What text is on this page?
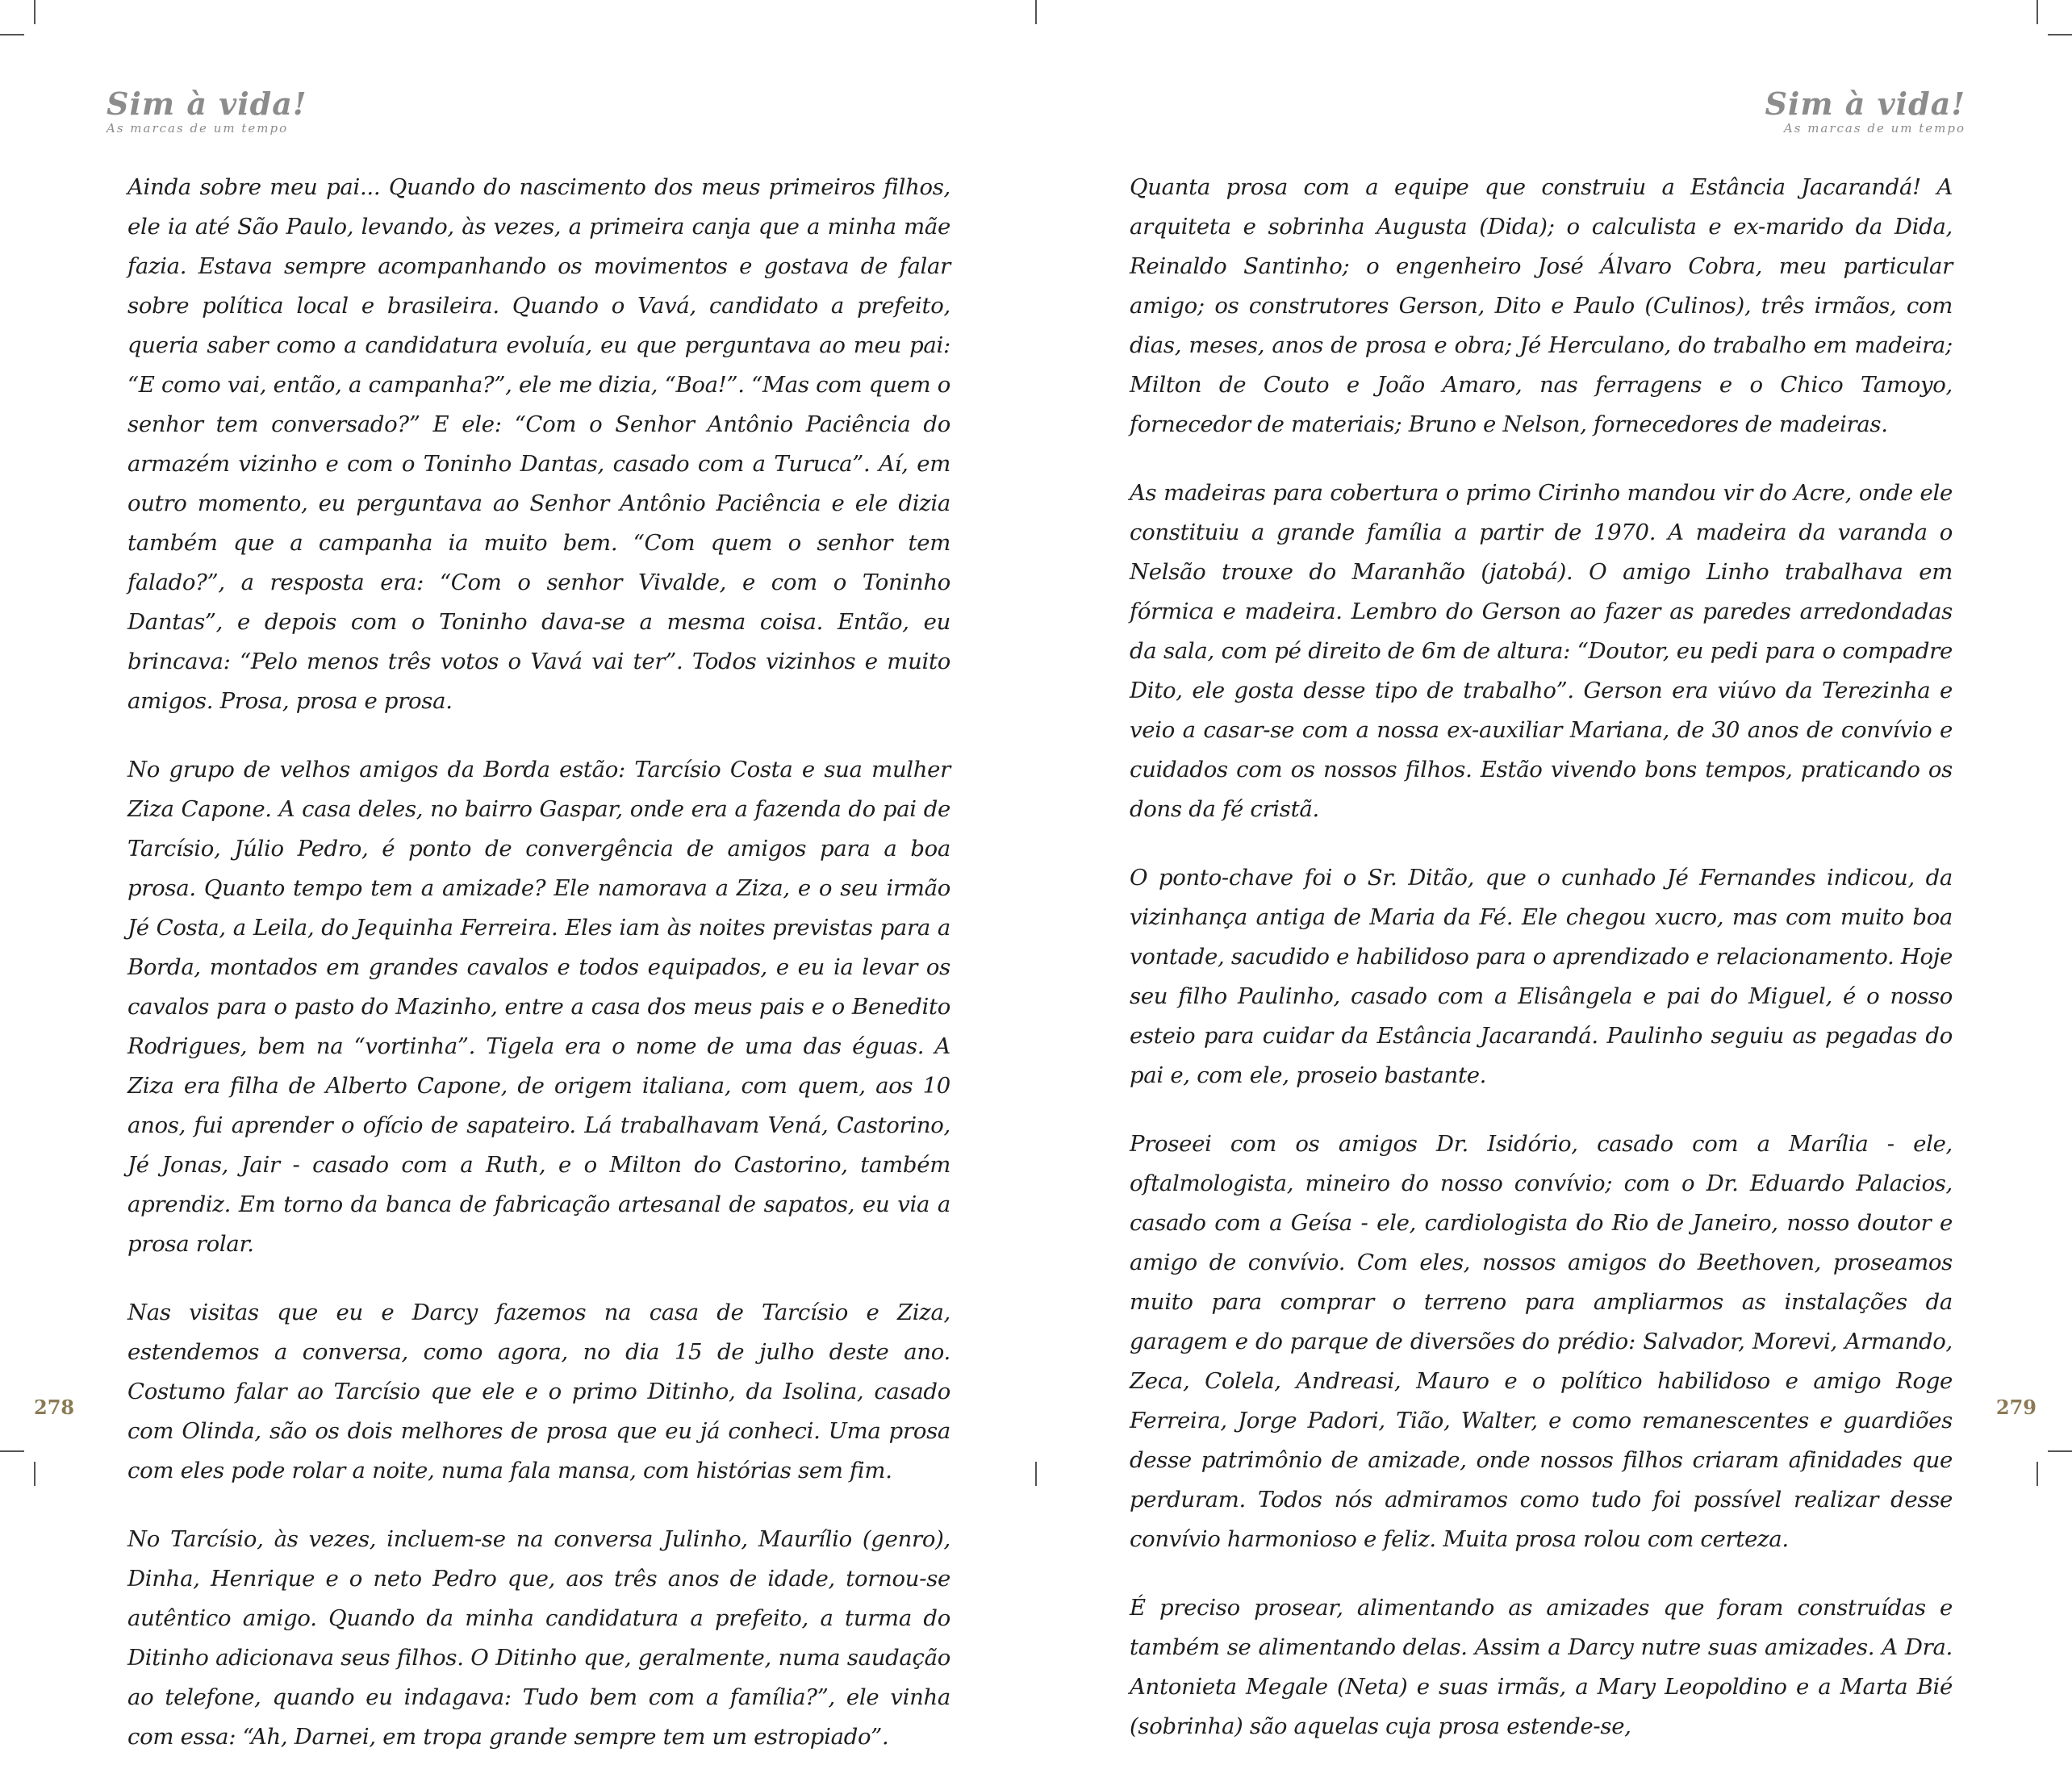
Sim à vida!
As marcas de um tempo

Ainda sobre meu pai... Quando do nascimento dos meus primeiros filhos, ele ia até São Paulo, levando, às vezes, a primeira canja que a minha mãe fazia. Estava sempre acompanhando os movimentos e gostava de falar sobre política local e brasileira. Quando o Vavá, candidato a prefeito, queria saber como a candidatura evoluía, eu que perguntava ao meu pai: “E como vai, então, a campanha?”, ele me dizia, “Boa!”. “Mas com quem o senhor tem conversado?” E ele: “Com o Senhor Antônio Paciência do armazém vizinho e com o Toninho Dantas, casado com a Turuca”. Aí, em outro momento, eu perguntava ao Senhor Antônio Paciência e ele dizia também que a campanha ia muito bem. “Com quem o senhor tem falado?”, a resposta era: “Com o senhor Vivalde, e com o Toninho Dantas”, e depois com o Toninho dava-se a mesma coisa. Então, eu brincava: “Pelo menos três votos o Vavá vai ter”. Todos vizinhos e muito amigos. Prosa, prosa e prosa.

No grupo de velhos amigos da Borda estão: Tarcísio Costa e sua mulher Ziza Capone. A casa deles, no bairro Gaspar, onde era a fazenda do pai de Tarcísio, Júlio Pedro, é ponto de convergência de amigos para a boa prosa. Quanto tempo tem a amizade? Ele namorava a Ziza, e o seu irmão Jé Costa, a Leila, do Jequinha Ferreira. Eles iam às noites previstas para a Borda, montados em grandes cavalos e todos equipados, e eu ia levar os cavalos para o pasto do Mazinho, entre a casa dos meus pais e o Benedito Rodrigues, bem na “vortinha”. Tigela era o nome de uma das éguas. A Ziza era filha de Alberto Capone, de origem italiana, com quem, aos 10 anos, fui aprender o ofício de sapateiro. Lá trabalhavam Vená, Castorino, Jé Jonas, Jair - casado com a Ruth, e o Milton do Castorino, também aprendiz. Em torno da banca de fabricação artesanal de sapatos, eu via a prosa rolar.

Nas visitas que eu e Darcy fazemos na casa de Tarcísio e Ziza, estendemos a conversa, como agora, no dia 15 de julho deste ano. Costumo falar ao Tarcísio que ele e o primo Ditinho, da Isolina, casado com Olinda, são os dois melhores de prosa que eu já conheci. Uma prosa com eles pode rolar a noite, numa fala mansa, com histórias sem fim.

No Tarcísio, às vezes, incluem-se na conversa Julinho, Maurílio (genro), Dinha, Henrique e o neto Pedro que, aos três anos de idade, tornou-se autêntico amigo. Quando da minha candidatura a prefeito, a turma do Ditinho adicionava seus filhos. O Ditinho que, geralmente, numa saudação ao telefone, quando eu indagava: Tudo bem com a família?”, ele vinha com essa: “Ah, Darnei, em tropa grande sempre tem um estropiado”.

278
Sim à vida!
As marcas de um tempo

Quanta prosa com a equipe que construiu a Estância Jacarandá! A arquiteta e sobrinha Augusta (Dida); o calculista e ex-marido da Dida, Reinaldo Santinho; o engenheiro José Álvaro Cobra, meu particular amigo; os construtores Gerson, Dito e Paulo (Culinos), três irmãos, com dias, meses, anos de prosa e obra; Jé Herculano, do trabalho em madeira; Milton de Couto e João Amaro, nas ferragens e o Chico Tamoyo, fornecedor de materiais; Bruno e Nelson, fornecedores de madeiras.

As madeiras para cobertura o primo Cirinho mandou vir do Acre, onde ele constituiu a grande família a partir de 1970. A madeira da varanda o Nelsão trouxe do Maranhão (jatobá). O amigo Linho trabalhava em fórmica e madeira. Lembro do Gerson ao fazer as paredes arredondadas da sala, com pé direito de 6m de altura: “Doutor, eu pedi para o compadre Dito, ele gosta desse tipo de trabalho”. Gerson era viúvo da Terezinha e veio a casar-se com a nossa ex-auxiliar Mariana, de 30 anos de convívio e cuidados com os nossos filhos. Estão vivendo bons tempos, praticando os dons da fé cristã.

O ponto-chave foi o Sr. Ditão, que o cunhado Jé Fernandes indicou, da vizinhança antiga de Maria da Fé. Ele chegou xucro, mas com muito boa vontade, sacudido e habilidoso para o aprendizado e relacionamento. Hoje seu filho Paulinho, casado com a Elisângela e pai do Miguel, é o nosso esteio para cuidar da Estância Jacarandá. Paulinho seguiu as pegadas do pai e, com ele, proseio bastante.

Proseei com os amigos Dr. Isidório, casado com a Marília - ele, oftalmologista, mineiro do nosso convívio; com o Dr. Eduardo Palacios, casado com a Geísa - ele, cardiologista do Rio de Janeiro, nosso doutor e amigo de convívio. Com eles, nossos amigos do Beethoven, proseamos muito para comprar o terreno para ampliarmos as instalações da garagem e do parque de diversões do prédio: Salvador, Morevi, Armando, Zeca, Colela, Andreasi, Mauro e o político habilidoso e amigo Roge Ferreira, Jorge Padori, Tião, Walter, e como remanescentes e guardiões desse patrimônio de amizade, onde nossos filhos criaram afinidades que perduram. Todos nós admiramos como tudo foi possível realizar desse convívio harmonioso e feliz. Muita prosa rolou com certeza.

É preciso prosear, alimentando as amizades que foram construídas e também se alimentando delas. Assim a Darcy nutre suas amizades. A Dra. Antonieta Megale (Neta) e suas irmãs, a Mary Leopoldino e a Marta Bié (sobrinha) são aquelas cuja prosa estende-se,

279
